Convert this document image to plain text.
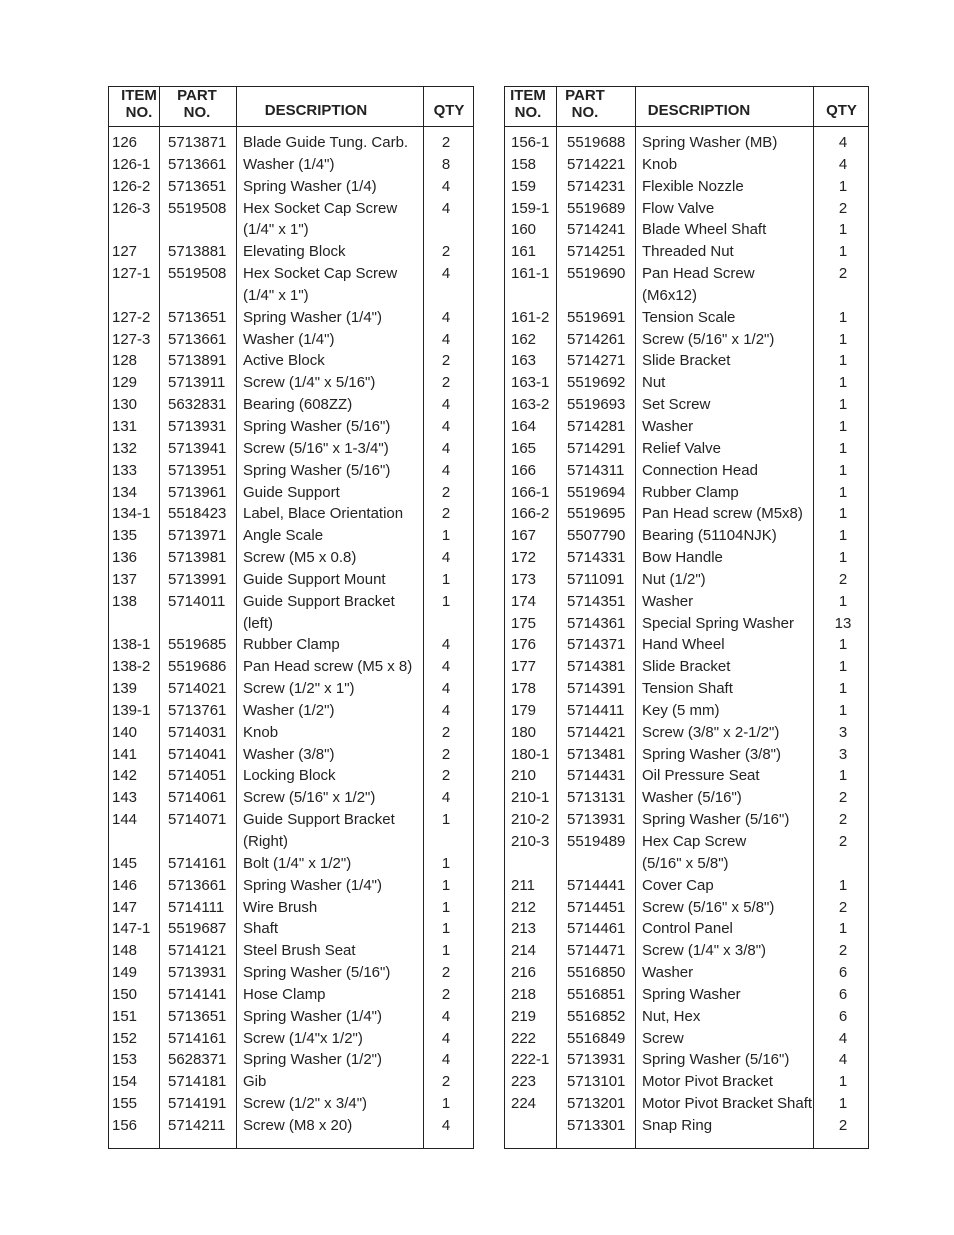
ITEM
NO.
PART
NO.	DESCRIPTION	QTY
126 5713871 Blade Guide Tung. Carb. 2
126-1 5713661 Washer (1/4")	8
126-2 5713651 Spring Washer (1/4)	4
126-3 5519508 Hex Socket Cap Screw	4
(1/4" x 1")
127 5713881 Elevating Block	2
127-1 5519508 Hex Socket Cap Screw	4
(1/4" x 1")
127-2 5713651 Spring Washer (1/4")	4
127-3 5713661 Washer (1/4")	4
128 5713891 Active Block	2
129 5713911 Screw (1/4" x 5/16")	2
130 5632831 Bearing (608ZZ)	4
131 5713931 Spring Washer (5/16")	4
132 5713941 Screw (5/16" x 1-3/4")	4
133 5713951 Spring Washer (5/16")	4
134 5713961 Guide Support	2
134-1 5518423 Label, Blace Orientation	2
135 5713971 Angle Scale	1
136 5713981 Screw (M5 x 0.8)	4
137 5713991 Guide Support Mount	1
138 5714011 Guide Support Bracket	1
(left)
138-1 5519685 Rubber Clamp	4
138-2 5519686 Pan Head screw (M5 x 8) 4
139 5714021 Screw (1/2" x 1")	4
139-1 5713761 Washer (1/2")	4
140 5714031 Knob	2
141 5714041 Washer (3/8")	2
142 5714051 Locking Block	2
143 5714061 Screw (5/16" x 1/2")	4
144 5714071 Guide Support Bracket	1
(Right)
145 5714161 Bolt (1/4" x 1/2")	1
146 5713661 Spring Washer (1/4")	1
147 5714111 Wire Brush	1
147-1 5519687 Shaft	1
148 5714121 Steel Brush Seat	1
149 5713931 Spring Washer (5/16")	2
150 5714141 Hose Clamp	2
151 5713651 Spring Washer (1/4")	4
152 5714161 Screw (1/4"x 1/2")	4
153 5628371 Spring Washer (1/2")	4
154 5714181 Gib	2
155 5714191 Screw (1/2" x 3/4")	1
156 5714211 Screw (M8 x 20)	4
ITEM
NO.
PART
NO.	DESCRIPTION	QTY
156-1 5519688 Spring Washer (MB)	4
158 5714221 Knob	4
159 5714231 Flexible Nozzle	1
159-1 5519689 Flow Valve	2
160 5714241 Blade Wheel Shaft	1
161 5714251 Threaded Nut	1
161-1 5519690 Pan Head Screw	2
(M6x12)
161-2 5519691 Tension Scale	1
162 5714261 Screw (5/16" x 1/2")	1
163 5714271 Slide Bracket	1
163-1 5519692 Nut	1
163-2 5519693 Set Screw	1
164 5714281 Washer	1
165 5714291 Relief Valve	1
166 5714311 Connection Head	1
166-1 5519694 Rubber Clamp	1
166-2 5519695 Pan Head screw (M5x8)	1
167 5507790 Bearing (51104NJK)	1
172 5714331 Bow Handle	1
173 5711091 Nut (1/2")	2
174 5714351 Washer	1
175 5714361 Special Spring Washer	13
176 5714371 Hand Wheel	1
177 5714381 Slide Bracket	1
178 5714391 Tension Shaft	1
179 5714411 Key (5 mm)	1
180 5714421 Screw (3/8" x 2-1/2")	3
180-1 5713481 Spring Washer (3/8")	3
210 5714431 Oil Pressure Seat	1
210-1 5713131 Washer (5/16")	2
210-2 5713931 Spring Washer (5/16")	2
210-3 5519489 Hex Cap Screw	2
(5/16" x 5/8")
211 5714441 Cover Cap	1
212 5714451 Screw (5/16" x 5/8")	2
213 5714461 Control Panel	1
214 5714471 Screw (1/4" x 3/8")	2
216 5516850 Washer	6
218 5516851 Spring Washer	6
219 5516852 Nut, Hex	6
222 5516849 Screw	4
222-1 5713931 Spring Washer (5/16")	4
223 5713101 Motor Pivot Bracket	1
224 5713201 Motor Pivot Bracket Shaft	1
5713301 Snap Ring	2
